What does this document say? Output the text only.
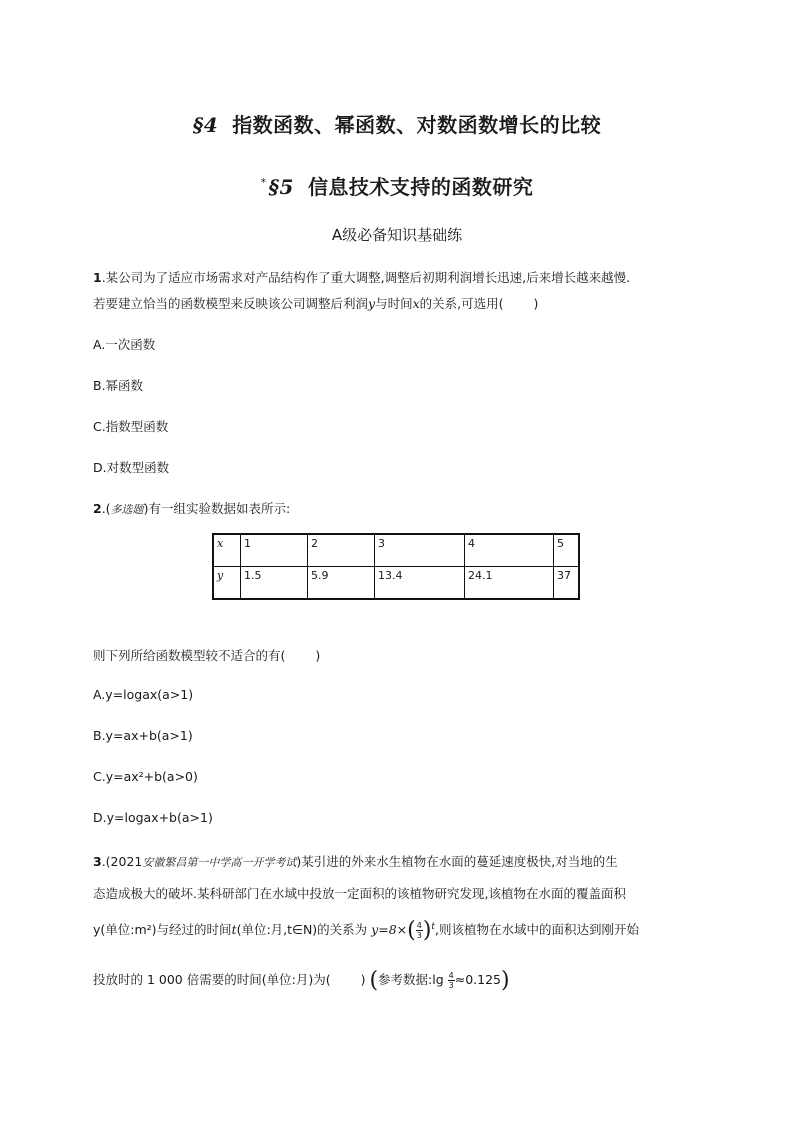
§4 指数函数、幂函数、对数函数增长的比较
* §5 信息技术支持的函数研究
A级必备知识基础练
1.某公司为了适应市场需求对产品结构作了重大调整,调整后初期利润增长迅速,后来增长越来越慢.
若要建立恰当的函数模型来反映该公司调整后利润y与时间x的关系,可选用( )
A.一次函数
B.幂函数
C.指数型函数
D.对数型函数
2.(多选题)有一组实验数据如表所示:
x	1	2	3	4	5
y	1.5	5.9	13.4	24.1	37
则下列所给函数模型较不适合的有( )
A.y=logax(a>1)
B.y=ax+b(a>1)
C.y=ax²+b(a>0)
D.y=logax+b(a>1)
3.(2021安徽繁昌第一中学高一开学考试)某引进的外来水生植物在水面的蔓延速度极快,对当地的生
态造成极大的破坏.某科研部门在水域中投放一定面积的该植物研究发现,该植物在水面的覆盖面积
y(单位:m²)与经过的时间t(单位:月,t∈N)的关系为 $y=8\times( \frac{4}{3} )^t$,则该植物在水域中的面积达到刚开始
投放时的 1 000 倍需要的时间(单位:月)为( ) (参考数据:lg $\frac{4}{3} \approx 0.125$)
